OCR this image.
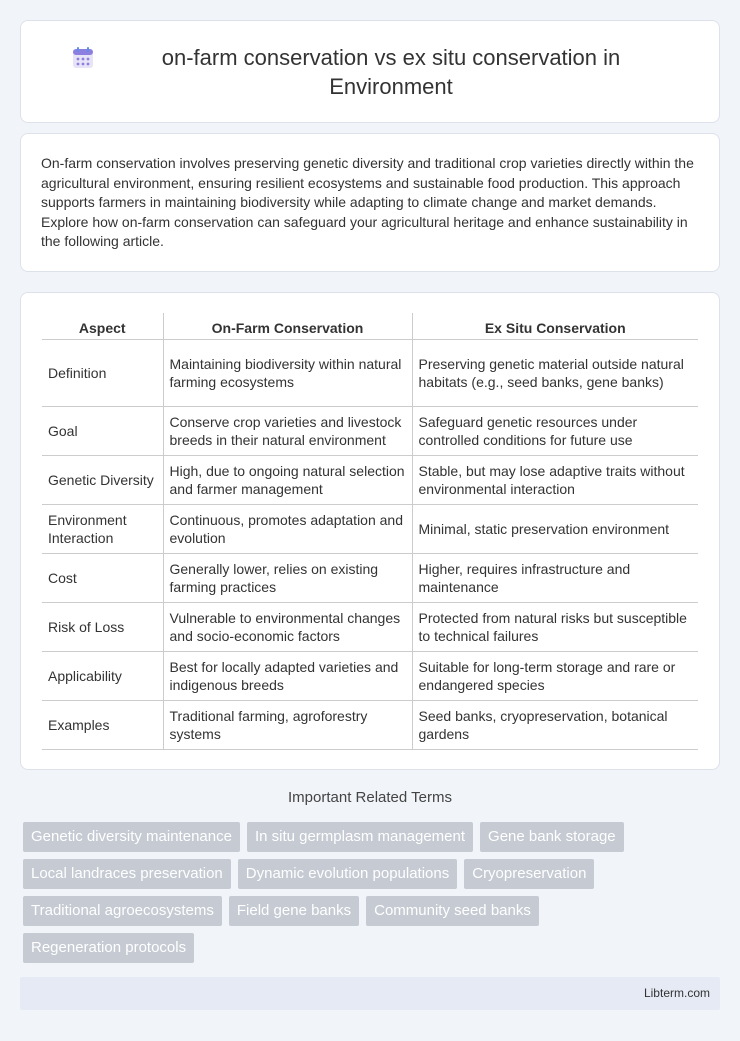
on-farm conservation vs ex situ conservation in Environment

On-farm conservation involves preserving genetic diversity and traditional crop varieties directly within the agricultural environment, ensuring resilient ecosystems and sustainable food production. This approach supports farmers in maintaining biodiversity while adapting to climate change and market demands. Explore how on-farm conservation can safeguard your agricultural heritage and enhance sustainability in the following article.

Aspect	On-Farm Conservation	Ex Situ Conservation
Definition	Maintaining biodiversity within natural farming ecosystems	Preserving genetic material outside natural habitats (e.g., seed banks, gene banks)
Goal	Conserve crop varieties and livestock breeds in their natural environment	Safeguard genetic resources under controlled conditions for future use
Genetic Diversity	High, due to ongoing natural selection and farmer management	Stable, but may lose adaptive traits without environmental interaction
Environment Interaction	Continuous, promotes adaptation and evolution	Minimal, static preservation environment
Cost	Generally lower, relies on existing farming practices	Higher, requires infrastructure and maintenance
Risk of Loss	Vulnerable to environmental changes and socio-economic factors	Protected from natural risks but susceptible to technical failures
Applicability	Best for locally adapted varieties and indigenous breeds	Suitable for long-term storage and rare or endangered species
Examples	Traditional farming, agroforestry systems	Seed banks, cryopreservation, botanical gardens
Important Related Terms
Genetic diversity maintenance	In situ germplasm management	Gene bank storage
Local landraces preservation	Dynamic evolution populations	Cryopreservation
Traditional agroecosystems	Field gene banks	Community seed banks
Regeneration protocols
Libterm.com
